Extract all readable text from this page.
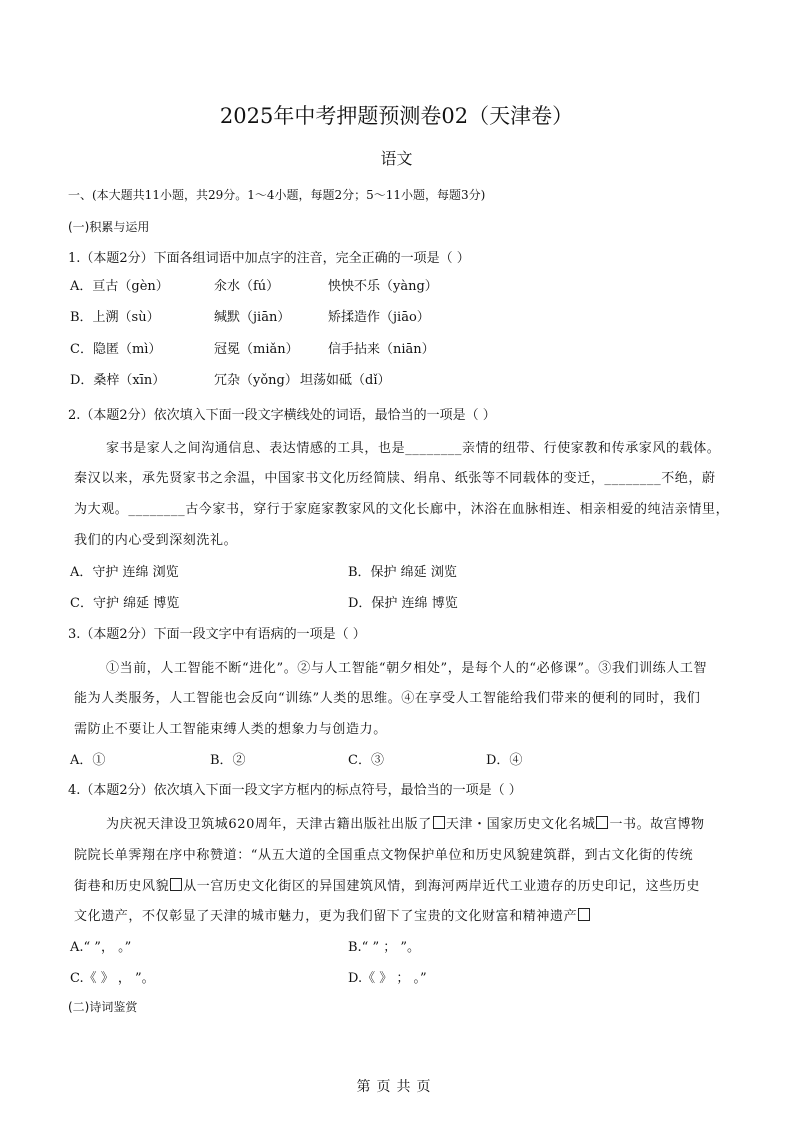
2025年中考押题预测卷02（天津卷）
语文
一、(本大题共11小题，共29分。1～4小题，每题2分；5～11小题，每题3分)
(一)积累与运用
1.（本题2分）下面各组词语中加点字的注音，完全正确的一项是（ ）
A．亘古（gèn）	氽水（fú）	怏怏不乐（yàng）
B．上溯（sù）	缄默（jiān）	矫揉造作（jiāo）
C．隐匿（mì）	冠冕（miǎn） 信手拈来（niān）
D．桑梓（xīn）	冗杂（yǒng） 坦荡如砥（dǐ）
2.（本题2分）依次填入下面一段文字横线处的词语，最恰当的一项是（ ）
家书是家人之间沟通信息、表达情感的工具，也是________亲情的纽带、行使家教和传承家风的载体。
秦汉以来，承先贤家书之余温，中国家书文化历经简牍、绢帛、纸张等不同载体的变迁，________不绝，蔚
为大观。________古今家书，穿行于家庭家教家风的文化长廊中，沐浴在血脉相连、相亲相爱的纯洁亲情里，
我们的内心受到深刻洗礼。
A．守护 连绵 浏览	B．保护 绵延 浏览
C．守护 绵延 博览	D．保护 连绵 博览
3.（本题2分）下面一段文字中有语病的一项是（ ）
①当前，人工智能不断“进化”。②与人工智能“朝夕相处”，是每个人的“必修课”。③我们训练人工智
能为人类服务，人工智能也会反向“训练”人类的思维。④在享受人工智能给我们带来的便利的同时，我们
需防止不要让人工智能束缚人类的想象力与创造力。
A．①	B．②	C．③	D．④
4.（本题2分）依次填入下面一段文字方框内的标点符号，最恰当的一项是（ ）
为庆祝天津设卫筑城620周年，天津古籍出版社出版了 天津・国家历史文化名城 一书。故宫博物
院院长单霁翔在序中称赞道：“从五大道的全国重点文物保护单位和历史风貌建筑群，到古文化街的传统
街巷和历史风貌 从一宫历史文化街区的异国建筑风情，到海河两岸近代工业遗存的历史印记，这些历史
文化遗产，不仅彰显了天津的城市魅力，更为我们留下了宝贵的文化财富和精神遗产
A.“ ”， 。”	B.“ ” ； ”。
C.《 》 ， ”。	D.《 》 ； 。”
(二)诗词鉴赏
第页共页
